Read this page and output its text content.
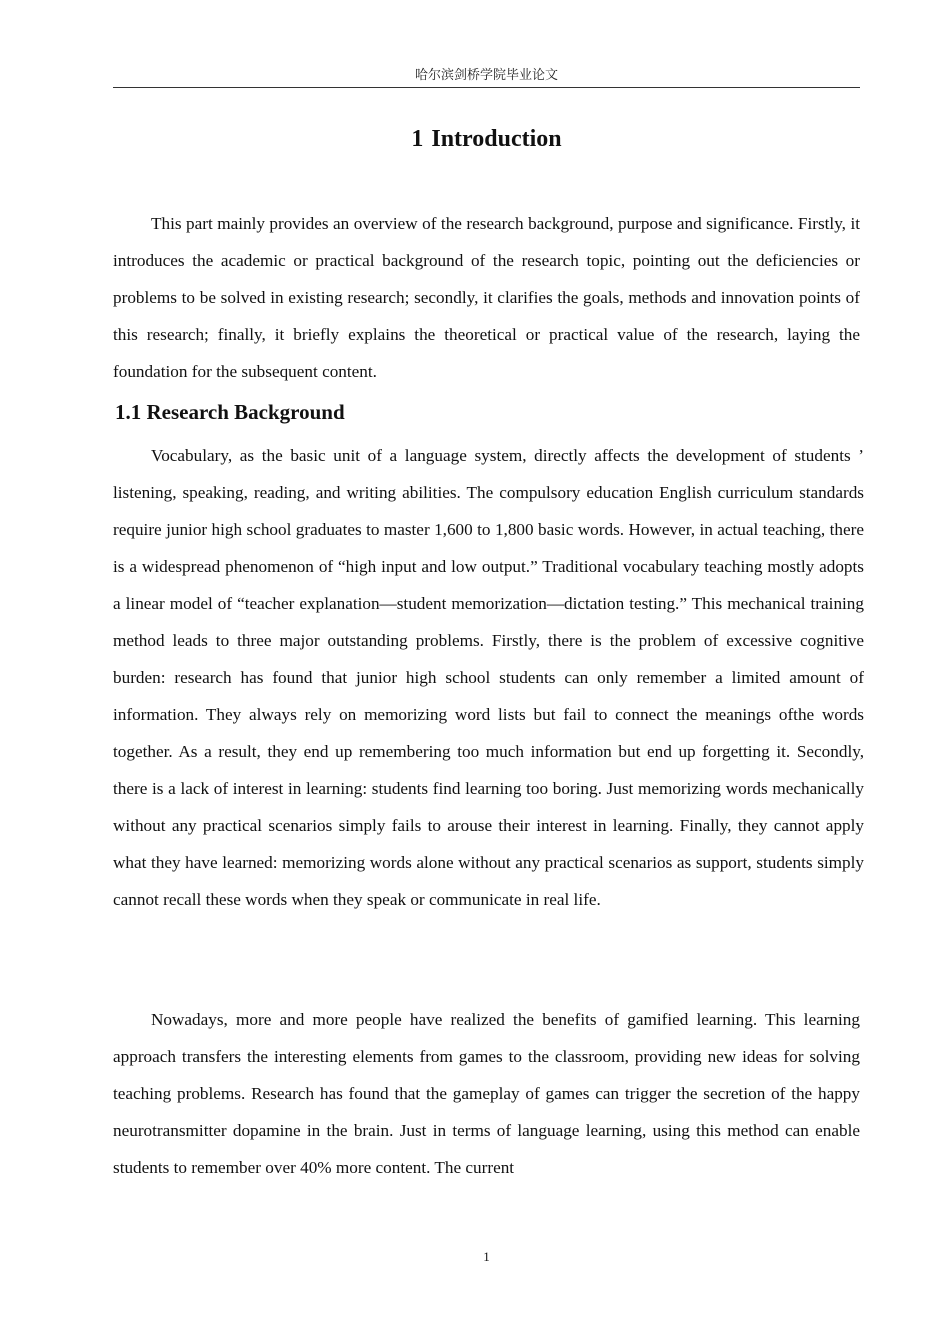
哈尔滨剑桥学院毕业论文
1 Introduction

This part mainly provides an overview of the research background, purpose and significance. Firstly, it introduces the academic or practical background of the research topic, pointing out the deficiencies or problems to be solved in existing research; secondly, it clarifies the goals, methods and innovation points of this research; finally, it briefly explains the theoretical or practical value of the research, laying the foundation for the subsequent content.

1.1 Research Background

Vocabulary, as the basic unit of a language system, directly affects the development of students ’ listening, speaking, reading, and writing abilities. The compulsory education English curriculum standards require junior high school graduates to master 1,600 to 1,800 basic words. However, in actual teaching, there is a widespread phenomenon of “high input and low output.” Traditional vocabulary teaching mostly adopts a linear model of “teacher explanation—student memorization—dictation testing.” This mechanical training method leads to three major outstanding problems. Firstly, there is the problem of excessive cognitive burden: research has found that junior high school students can only remember a limited amount of information. They always rely on memorizing word lists but fail to connect the meanings ofthe words together. As a result, they end up remembering too much information but end up forgetting it. Secondly, there is a lack of interest in learning: students find learning too boring. Just memorizing words mechanically without any practical scenarios simply fails to arouse their interest in learning. Finally, they cannot apply what they have learned: memorizing words alone without any practical scenarios as support, students simply cannot recall these words when they speak or communicate in real life.

Nowadays, more and more people have realized the benefits of gamified learning. This learning approach transfers the interesting elements from games to the classroom, providing new ideas for solving teaching problems. Research has found that the gameplay of games can trigger the secretion of the happy neurotransmitter dopamine in the brain. Just in terms of language learning, using this method can enable students to remember over 40% more content. The current

1
